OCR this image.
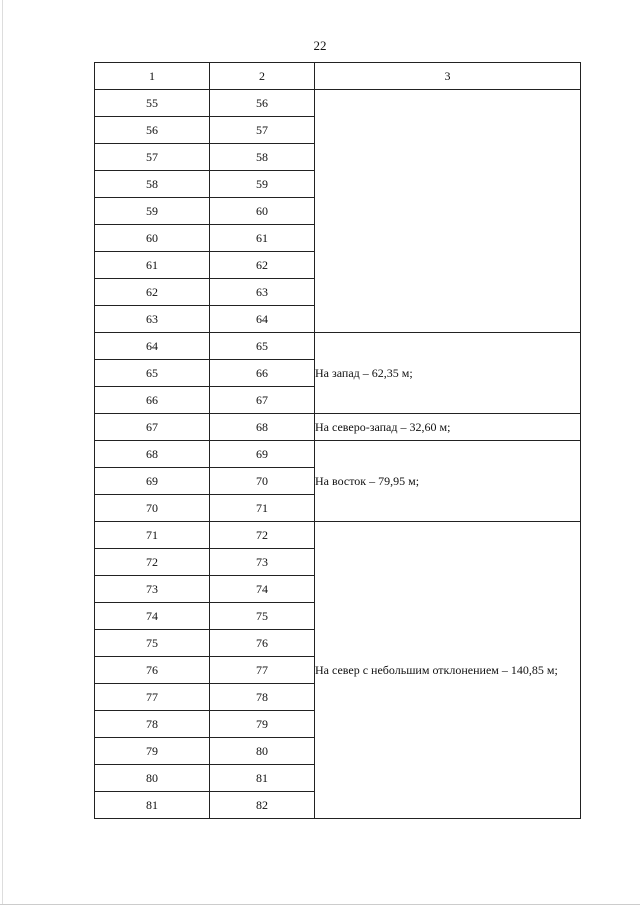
22
1	2	3
55	56	
56	57	
57	58	
58	59	
59	60	
60	61	
61	62	
62	63	
63	64	
64	65	На запад – 62,35 м;
65	66	
66	67	
67	68	На северо-запад – 32,60 м;
68	69	На восток – 79,95 м;
69	70	
70	71	
71	72	На север с небольшим отклонением – 140,85 м;
72	73	
73	74	
74	75	
75	76	
76	77	
77	78	
78	79	
79	80	
80	81	
81	82	
